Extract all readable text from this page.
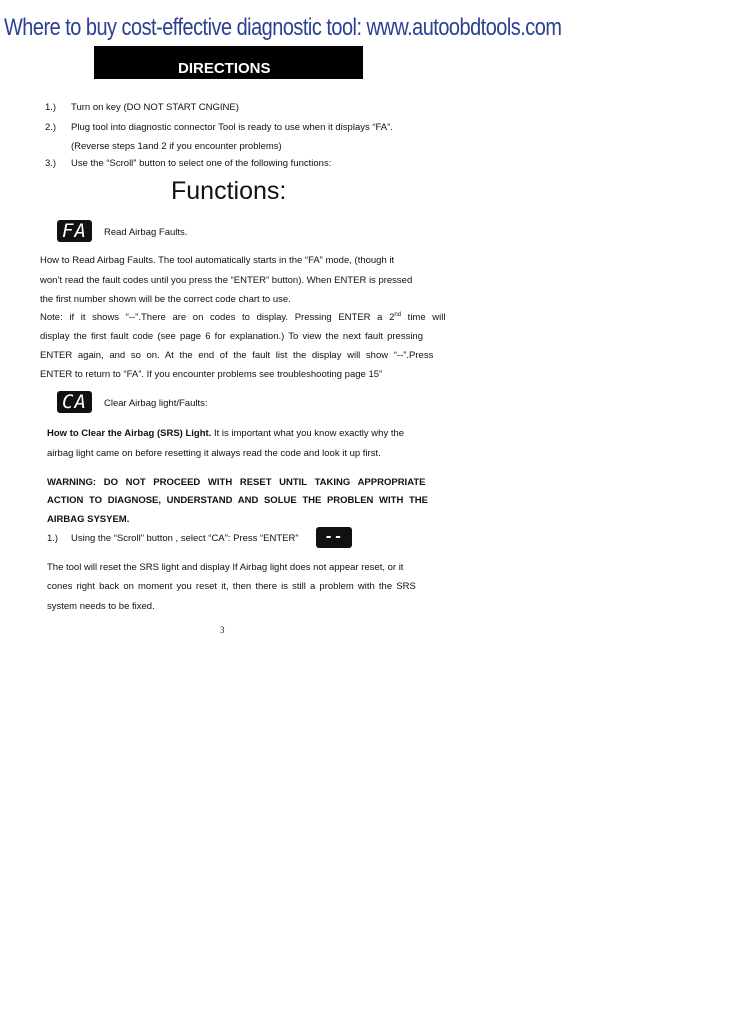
Where to buy cost-effective diagnostic tool: www.autoobdtools.com
DIRECTIONS
1.) Turn on key (DO NOT START CNGINE)
2.) Plug tool into diagnostic connector Tool is ready to use when it displays “FA”.
(Reverse steps 1and 2 if you encounter problems)
3.) Use the “Scroll” button to select one of the following functions:
Functions:
FA	Read Airbag Faults.
How to Read Airbag Faults. The tool automatically starts in the “FA” mode, (though it
won’t read the fault codes until you press the “ENTER” button). When ENTER is pressed
the first number shown will be the correct code chart to use.
Note: if it shows “--”.There are on codes to display. Pressing ENTER a 2nd time will
display the first fault code (see page 6 for explanation.) To view the next fault pressing
ENTER again, and so on. At the end of the fault list the display will show “--”.Press
ENTER to return to “FA”. If you encounter problems see troubleshooting page 15”
CA	Clear Airbag light/Faults:
How to Clear the Airbag (SRS) Light. It is important what you know exactly why the
airbag light came on before resetting it always read the code and look it up first.
WARNING: DO NOT PROCEED WITH RESET UNTIL TAKING APPROPRIATE
ACTION TO DIAGNOSE, UNDERSTAND AND SOLUE THE PROBLEN WITH THE
AIRBAG SYSYEM.
1.) Using the “Scroll” button , select “CA”: Press “ENTER”	--
The tool will reset the SRS light and display If Airbag light does not appear reset, or it
cones right back on moment you reset it, then there is still a problem with the SRS
system needs to be fixed.
3
